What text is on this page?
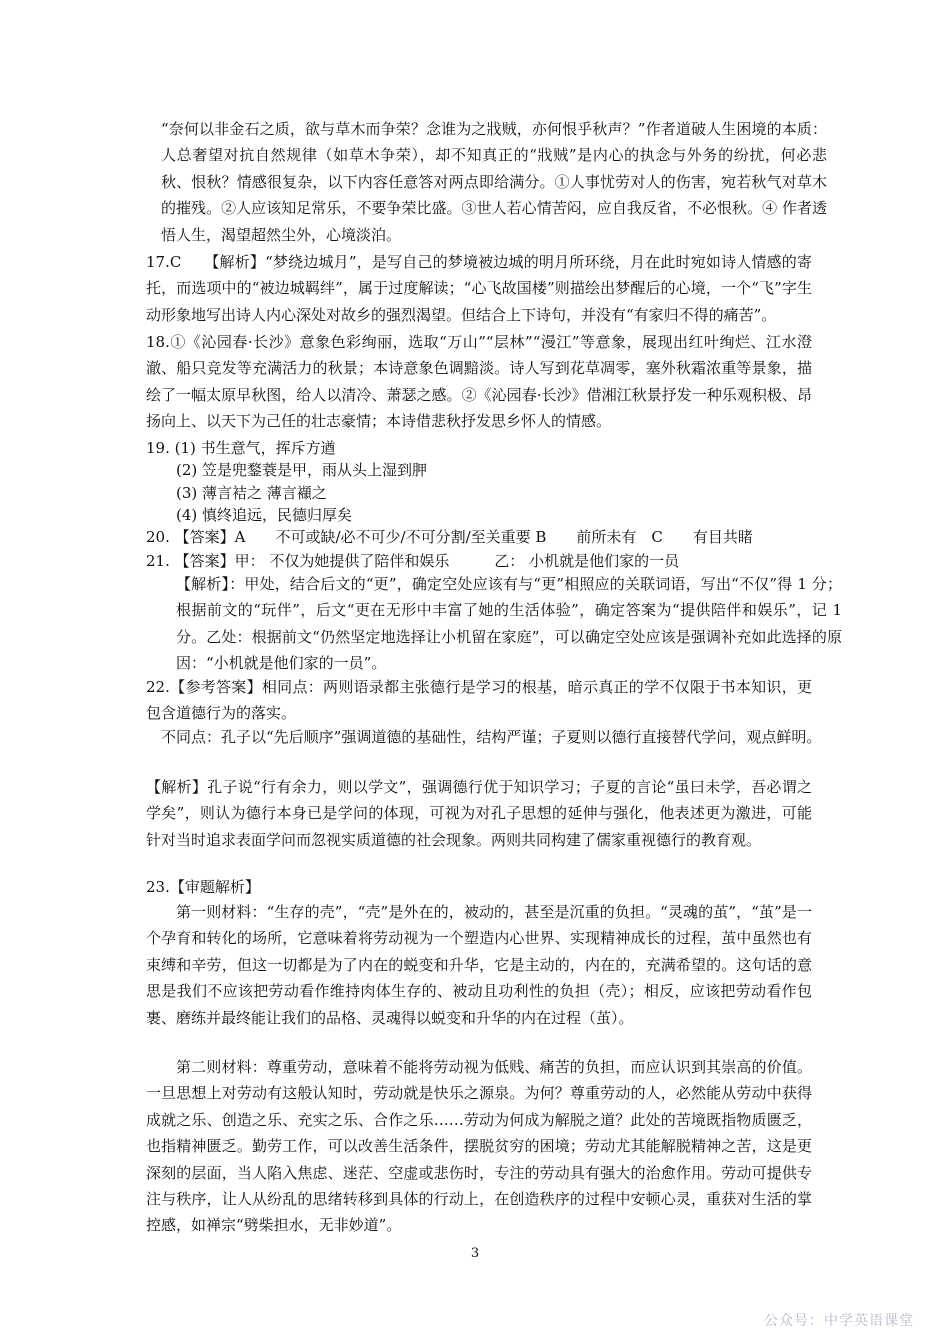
“奈何以非金石之质，欲与草木而争荣？念谁为之戕贼，亦何恨乎秋声？”作者道破人生困境的本质：人总奢望对抗自然规律（如草木争荣），却不知真正的“戕贼”是内心的执念与外务的纷扰，何必悲秋、恨秋？情感很复杂，以下内容任意答对两点即给满分。①人事忧劳对人的伤害，宛若秋气对草木的摧残。②人应该知足常乐，不要争荣比盛。③世人若心情苦闷，应自我反省，不必恨秋。④ 作者透悟人生，渴望超然尘外，心境淡泊。
17.C　　【解析】“梦绕边城月”，是写自己的梦境被边城的明月所环绕，月在此时宛如诗人情感的寄托，而选项中的“被边城羁绊”，属于过度解读；“心飞故国楼”则描绘出梦醒后的心境，一个“飞”字生动形象地写出诗人内心深处对故乡的强烈渴望。但结合上下诗句，并没有“有家归不得的痛苦”。
18.①《沁园春·长沙》意象色彩绚丽，选取“万山”“层林”“漫江”等意象，展现出红叶绚烂、江水澄澈、船只竞发等充满活力的秋景；本诗意象色调黯淡。诗人写到花草凋零，塞外秋霜浓重等景象，描绘了一幅太原早秋图，给人以清冷、萧瑟之感。②《沁园春·长沙》借湘江秋景抒发一种乐观积极、昂扬向上、以天下为己任的壮志豪情；本诗借悲秋抒发思乡怀人的情感。
19. (1) 书生意气，挥斥方遒
(2) 笠是兜鍪蓑是甲，雨从头上湿到胛
(3) 薄言袺之 薄言襭之
(4) 慎终追远，民德归厚矣
20. 【答案】A　　不可或缺/必不可少/不可分割/至关重要 B　　前所未有　C　　有目共睹
21. 【答案】甲： 不仅为她提供了陪伴和娱乐　　　乙： 小机就是他们家的一员
【解析】：甲处，结合后文的“更”，确定空处应该有与“更”相照应的关联词语，写出“不仅”得 1 分；根据前文的“玩伴”，后文“更在无形中丰富了她的生活体验”，确定答案为“提供陪伴和娱乐”，记 1 分。乙处：根据前文“仍然坚定地选择让小机留在家庭”，可以确定空处应该是强调补充如此选择的原因：“小机就是他们家的一员”。
22.【参考答案】相同点：两则语录都主张德行是学习的根基，暗示真正的学不仅限于书本知识，更包含道德行为的落实。
不同点：孔子以“先后顺序”强调道德的基础性，结构严谨；子夏则以德行直接替代学问，观点鲜明。
【解析】孔子说“行有余力，则以学文”，强调德行优于知识学习；子夏的言论“虽曰未学，吾必谓之学矣”，则认为德行本身已是学问的体现，可视为对孔子思想的延伸与强化，他表述更为激进，可能针对当时追求表面学问而忽视实质道德的社会现象。两则共同构建了儒家重视德行的教育观。
23.【审题解析】
第一则材料：“生存的壳”，“壳”是外在的，被动的，甚至是沉重的负担。“灵魂的茧”，“茧”是一个孕育和转化的场所，它意味着将劳动视为一个塑造内心世界、实现精神成长的过程，茧中虽然也有束缚和辛劳，但这一切都是为了内在的蜕变和升华，它是主动的，内在的，充满希望的。这句话的意思是我们不应该把劳动看作维持肉体生存的、被动且功利性的负担（壳）；相反，应该把劳动看作包裹、磨练并最终能让我们的品格、灵魂得以蜕变和升华的内在过程（茧）。
第二则材料：尊重劳动，意味着不能将劳动视为低贱、痛苦的负担，而应认识到其崇高的价值。一旦思想上对劳动有这般认知时，劳动就是快乐之源泉。为何？尊重劳动的人，必然能从劳动中获得成就之乐、创造之乐、充实之乐、合作之乐……劳动为何成为解脱之道？此处的苦境既指物质匮乏，也指精神匮乏。勤劳工作，可以改善生活条件，摆脱贫穷的困境；劳动尤其能解脱精神之苦，这是更深刻的层面，当人陷入焦虑、迷茫、空虚或悲伤时，专注的劳动具有强大的治愈作用。劳动可提供专注与秩序，让人从纷乱的思绪转移到具体的行动上，在创造秩序的过程中安顿心灵，重获对生活的掌控感，如禅宗“劈柴担水，无非妙道”。
3
公众号：中学英语课堂
